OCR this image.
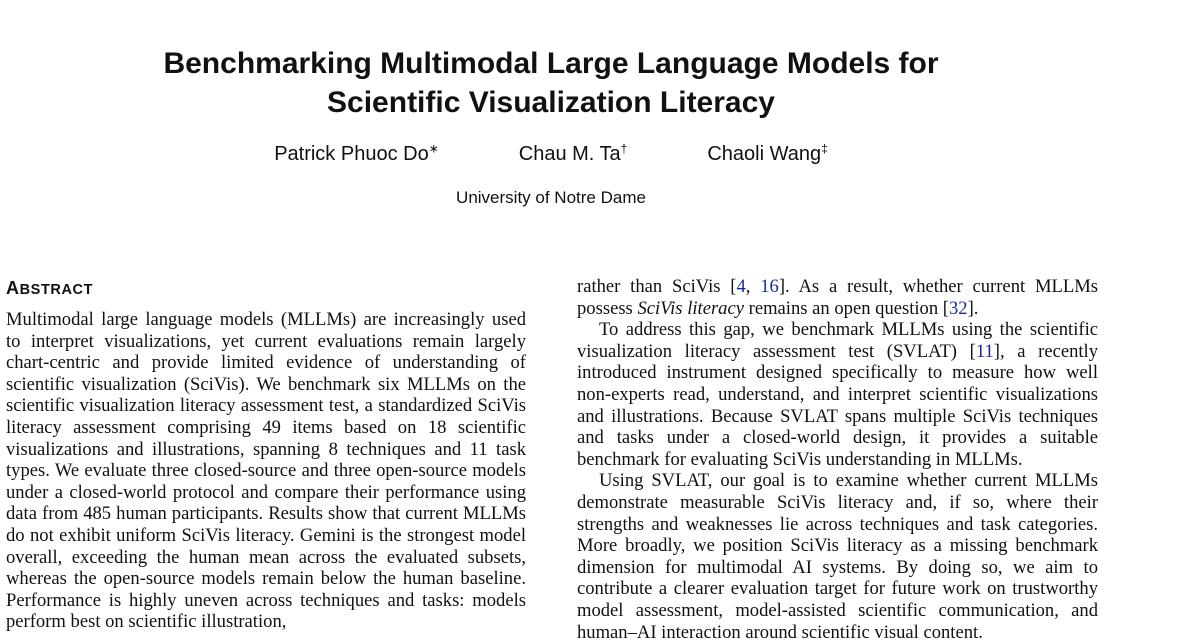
Benchmarking Multimodal Large Language Models for
Scientific Visualization Literacy
Patrick Phuoc Do∗	Chau M. Ta†	Chaoli Wang‡
University of Notre Dame
ABSTRACT

Multimodal large language models (MLLMs) are increasingly used to interpret visualizations, yet current evaluations remain largely chart-centric and provide limited evidence of understanding of scientific visualization (SciVis). We benchmark six MLLMs on the scientific visualization literacy assessment test, a standardized SciVis literacy assessment comprising 49 items based on 18 scientific visualizations and illustrations, spanning 8 techniques and 11 task types. We evaluate three closed-source and three open-source models under a closed-world protocol and compare their performance using data from 485 human participants. Results show that current MLLMs do not exhibit uniform SciVis literacy. Gemini is the strongest model overall, exceeding the human mean across the evaluated subsets, whereas the open-source models remain below the human baseline. Performance is highly uneven across techniques and tasks: models perform best on scientific illustration,

rather than SciVis [4, 16]. As a result, whether current MLLMs possess SciVis literacy remains an open question [32].

To address this gap, we benchmark MLLMs using the scientific visualization literacy assessment test (SVLAT) [11], a recently introduced instrument designed specifically to measure how well non-experts read, understand, and interpret scientific visualizations and illustrations. Because SVLAT spans multiple SciVis techniques and tasks under a closed-world design, it provides a suitable benchmark for evaluating SciVis understanding in MLLMs.

Using SVLAT, our goal is to examine whether current MLLMs demonstrate measurable SciVis literacy and, if so, where their strengths and weaknesses lie across techniques and task categories. More broadly, we position SciVis literacy as a missing benchmark dimension for multimodal AI systems. By doing so, we aim to contribute a clearer evaluation target for future work on trustworthy model assessment, model-assisted scientific communication, and human–AI interaction around scientific visual content.
